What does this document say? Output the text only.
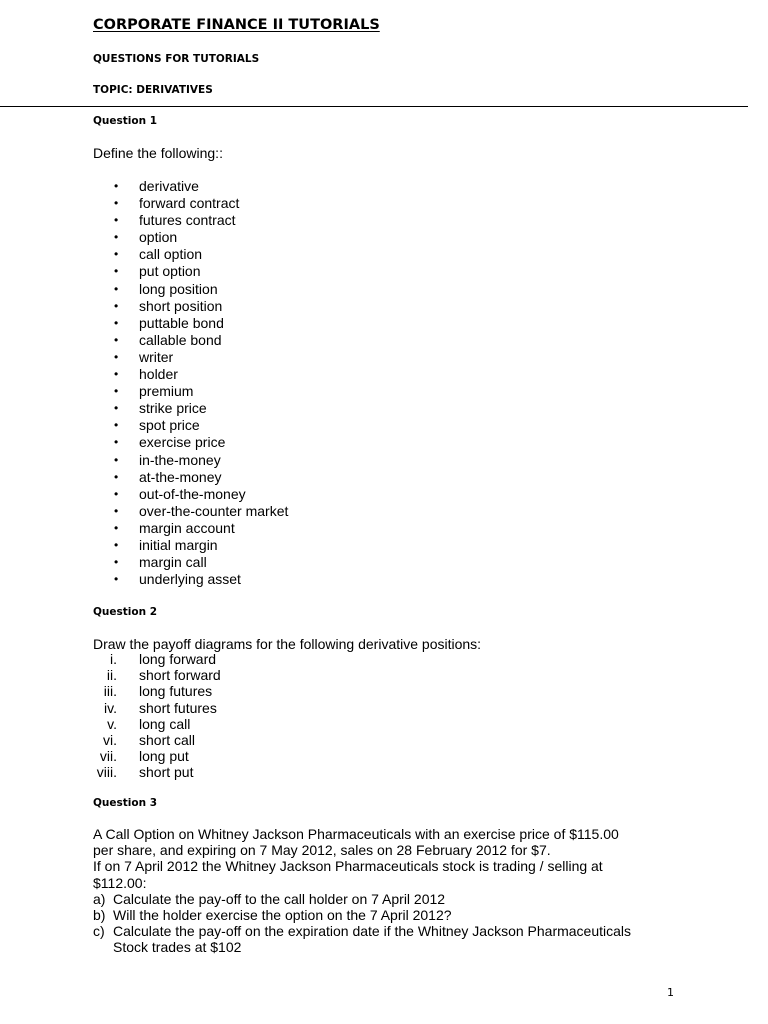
CORPORATE FINANCE II TUTORIALS
QUESTIONS FOR TUTORIALS
TOPIC: DERIVATIVES
Question 1
Define the following::
• derivative
• forward contract
• futures contract
• option
• call option
• put option
• long position
• short position
• puttable bond
• callable bond
• writer
• holder
• premium
• strike price
• spot price
• exercise price
• in-the-money
• at-the-money
• out-of-the-money
• over-the-counter market
• margin account
• initial margin
• margin call
• underlying asset
Question 2
Draw the payoff diagrams for the following derivative positions:
i. long forward
ii. short forward
iii. long futures
iv. short futures
v. long call
vi. short call
vii. long put
viii. short put
Question 3
A Call Option on Whitney Jackson Pharmaceuticals with an exercise price of $115.00
per share, and expiring on 7 May 2012, sales on 28 February 2012 for $7.
If on 7 April 2012 the Whitney Jackson Pharmaceuticals stock is trading / selling at
$112.00:
a) Calculate the pay-off to the call holder on 7 April 2012
b) Will the holder exercise the option on the 7 April 2012?
c) Calculate the pay-off on the expiration date if the Whitney Jackson Pharmaceuticals
Stock trades at $102
1
